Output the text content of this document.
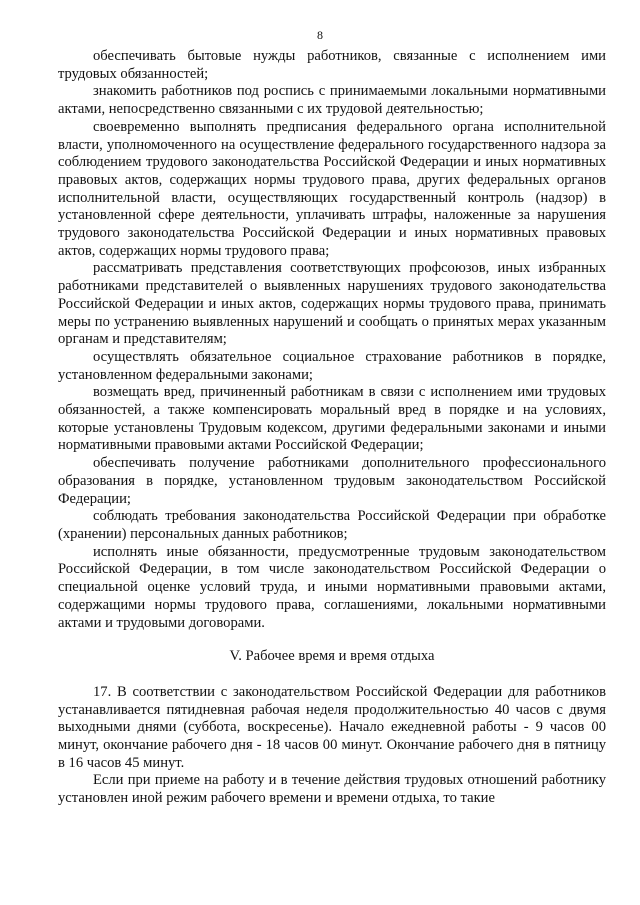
8

обеспечивать бытовые нужды работников, связанные с исполнением ими трудовых обязанностей;

знакомить работников под роспись с принимаемыми локальными нормативными актами, непосредственно связанными с их трудовой деятельностью;

своевременно выполнять предписания федерального органа исполнительной власти, уполномоченного на осуществление федерального государственного надзора за соблюдением трудового законодательства Российской Федерации и иных нормативных правовых актов, содержащих нормы трудового права, других федеральных органов исполнительной власти, осуществляющих государственный контроль (надзор) в установленной сфере деятельности, уплачивать штрафы, наложенные за нарушения трудового законодательства Российской Федерации и иных нормативных правовых актов, содержащих нормы трудового права;

рассматривать представления соответствующих профсоюзов, иных избранных работниками представителей о выявленных нарушениях трудового законодательства Российской Федерации и иных актов, содержащих нормы трудового права, принимать меры по устранению выявленных нарушений и сообщать о принятых мерах указанным органам и представителям;

осуществлять обязательное социальное страхование работников в порядке, установленном федеральными законами;

возмещать вред, причиненный работникам в связи с исполнением ими трудовых обязанностей, а также компенсировать моральный вред в порядке и на условиях, которые установлены Трудовым кодексом, другими федеральными законами и иными нормативными правовыми актами Российской Федерации;

обеспечивать получение работниками дополнительного профессионального образования в порядке, установленном трудовым законодательством Российской Федерации;

соблюдать требования законодательства Российской Федерации при обработке (хранении) персональных данных работников;

исполнять иные обязанности, предусмотренные трудовым законодательством Российской Федерации, в том числе законодательством Российской Федерации о специальной оценке условий труда, и иными нормативными правовыми актами, содержащими нормы трудового права, соглашениями, локальными нормативными актами и трудовыми договорами.

V. Рабочее время и время отдыха

17. В соответствии с законодательством Российской Федерации для работников устанавливается пятидневная рабочая неделя продолжительностью 40 часов с двумя выходными днями (суббота, воскресенье). Начало ежедневной работы - 9 часов 00 минут, окончание рабочего дня - 18 часов 00 минут. Окончание рабочего дня в пятницу в 16 часов 45 минут.

Если при приеме на работу и в течение действия трудовых отношений работнику установлен иной режим рабочего времени и времени отдыха, то такие
